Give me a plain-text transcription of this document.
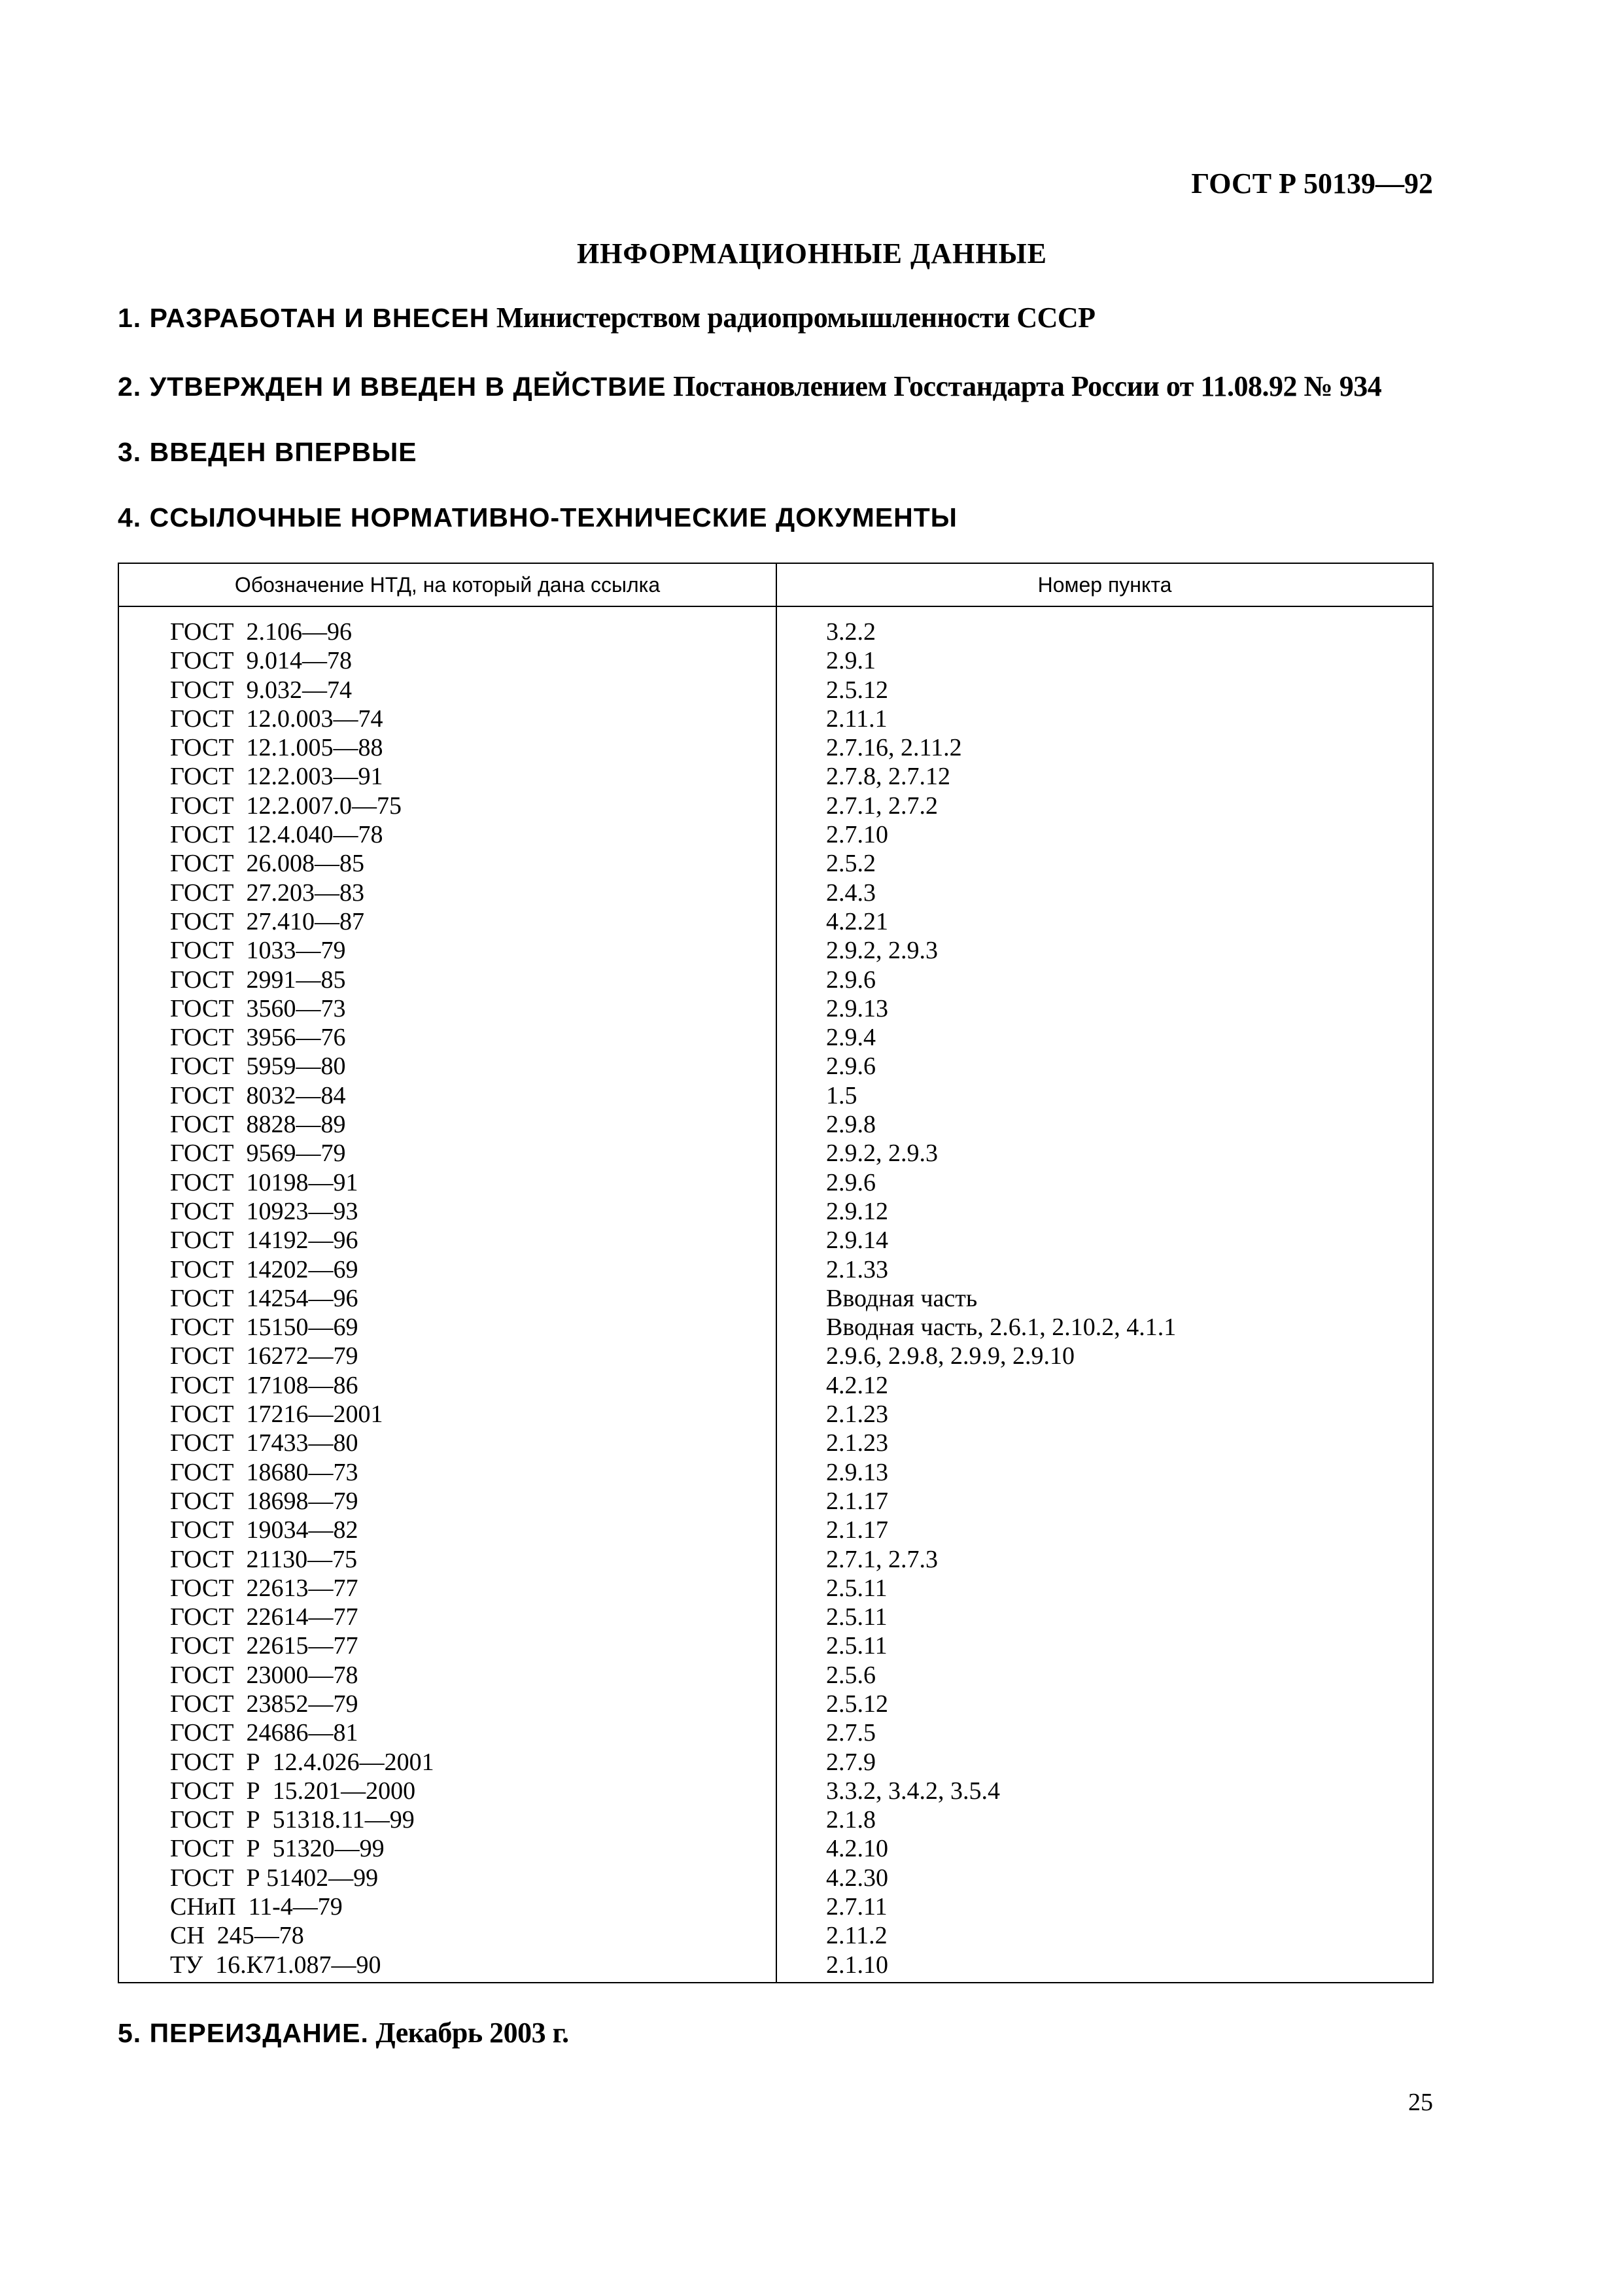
ГОСТ Р 50139—92
ИНФОРМАЦИОННЫЕ ДАННЫЕ
1. РАЗРАБОТАН И ВНЕСЕН Министерством радиопромышленности СССР
2. УТВЕРЖДЕН И ВВЕДЕН В ДЕЙСТВИЕ Постановлением Госстандарта России от 11.08.92 № 934
3. ВВЕДЕН ВПЕРВЫЕ
4. ССЫЛОЧНЫЕ НОРМАТИВНО-ТЕХНИЧЕСКИЕ ДОКУМЕНТЫ
Обозначение НТД, на который дана ссылка	Номер пункта
ГОСТ  2.106—96	3.2.2
ГОСТ  9.014—78	2.9.1
ГОСТ  9.032—74	2.5.12
ГОСТ  12.0.003—74	2.11.1
ГОСТ  12.1.005—88	2.7.16, 2.11.2
ГОСТ  12.2.003—91	2.7.8, 2.7.12
ГОСТ  12.2.007.0—75	2.7.1, 2.7.2
ГОСТ  12.4.040—78	2.7.10
ГОСТ  26.008—85	2.5.2
ГОСТ  27.203—83	2.4.3
ГОСТ  27.410—87	4.2.21
ГОСТ  1033—79	2.9.2, 2.9.3
ГОСТ  2991—85	2.9.6
ГОСТ  3560—73	2.9.13
ГОСТ  3956—76	2.9.4
ГОСТ  5959—80	2.9.6
ГОСТ  8032—84	1.5
ГОСТ  8828—89	2.9.8
ГОСТ  9569—79	2.9.2, 2.9.3
ГОСТ  10198—91	2.9.6
ГОСТ  10923—93	2.9.12
ГОСТ  14192—96	2.9.14
ГОСТ  14202—69	2.1.33
ГОСТ  14254—96	Вводная часть
ГОСТ  15150—69	Вводная часть, 2.6.1, 2.10.2, 4.1.1
ГОСТ  16272—79	2.9.6, 2.9.8, 2.9.9, 2.9.10
ГОСТ  17108—86	4.2.12
ГОСТ  17216—2001	2.1.23
ГОСТ  17433—80	2.1.23
ГОСТ  18680—73	2.9.13
ГОСТ  18698—79	2.1.17
ГОСТ  19034—82	2.1.17
ГОСТ  21130—75	2.7.1, 2.7.3
ГОСТ  22613—77	2.5.11
ГОСТ  22614—77	2.5.11
ГОСТ  22615—77	2.5.11
ГОСТ  23000—78	2.5.6
ГОСТ  23852—79	2.5.12
ГОСТ  24686—81	2.7.5
ГОСТ  Р  12.4.026—2001	2.7.9
ГОСТ  Р  15.201—2000	3.3.2, 3.4.2, 3.5.4
ГОСТ  Р  51318.11—99	2.1.8
ГОСТ  Р  51320—99	4.2.10
ГОСТ  Р 51402—99	4.2.30
СНиП  11-4—79	2.7.11
СН  245—78	2.11.2
ТУ  16.К71.087—90	2.1.10
5. ПЕРЕИЗДАНИЕ. Декабрь 2003 г.
25
